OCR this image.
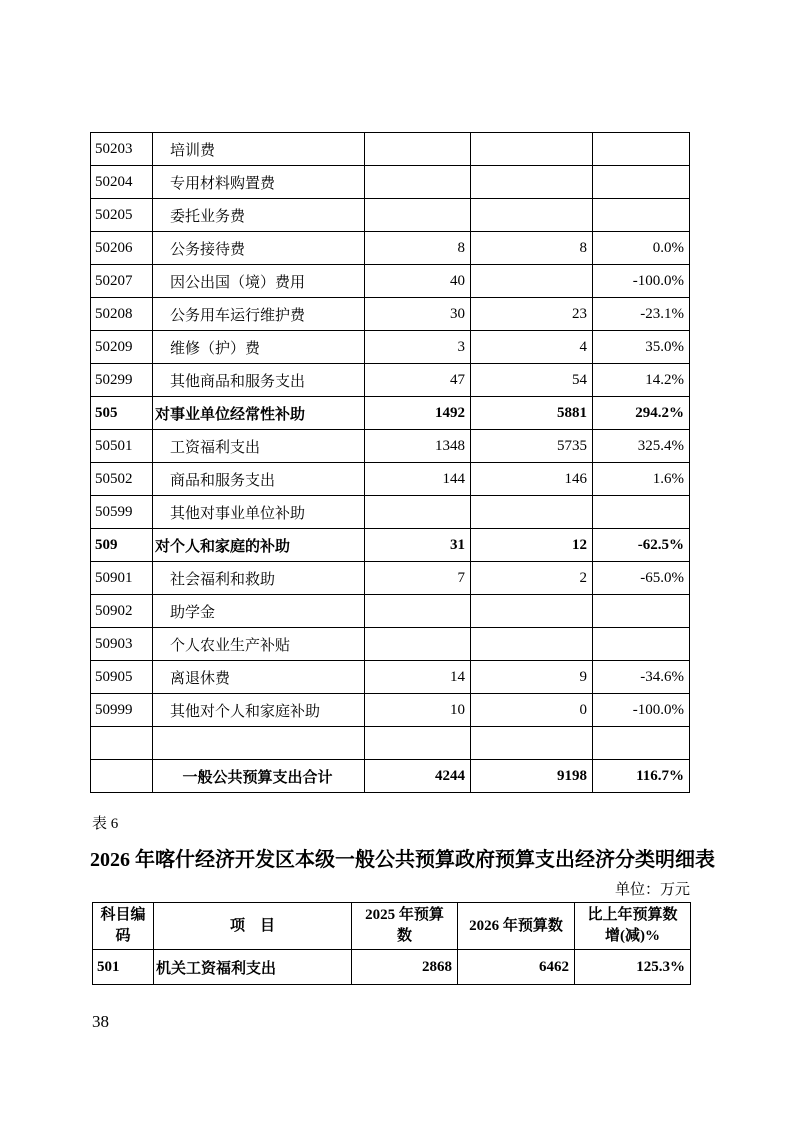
50203	培训费			
50204	专用材料购置费			
50205	委托业务费			
50206	公务接待费	8	8	0.0%
50207	因公出国（境）费用	40		-100.0%
50208	公务用车运行维护费	30	23	-23.1%
50209	维修（护）费	3	4	35.0%
50299	其他商品和服务支出	47	54	14.2%
505	对事业单位经常性补助	1492	5881	294.2%
50501	工资福利支出	1348	5735	325.4%
50502	商品和服务支出	144	146	1.6%
50599	其他对事业单位补助			
509	对个人和家庭的补助	31	12	-62.5%
50901	社会福利和救助	7	2	-65.0%
50902	助学金			
50903	个人农业生产补贴			
50905	离退休费	14	9	-34.6%
50999	其他对个人和家庭补助	10	0	-100.0%

	一般公共预算支出合计	4244	9198	116.7%
表 6
2026 年喀什经济开发区本级一般公共预算政府预算支出经济分类明细表
单位：万元
科目编码	项　目	2025 年预算数	2026 年预算数	比上年预算数增(减)%
501	机关工资福利支出	2868	6462	125.3%
38
